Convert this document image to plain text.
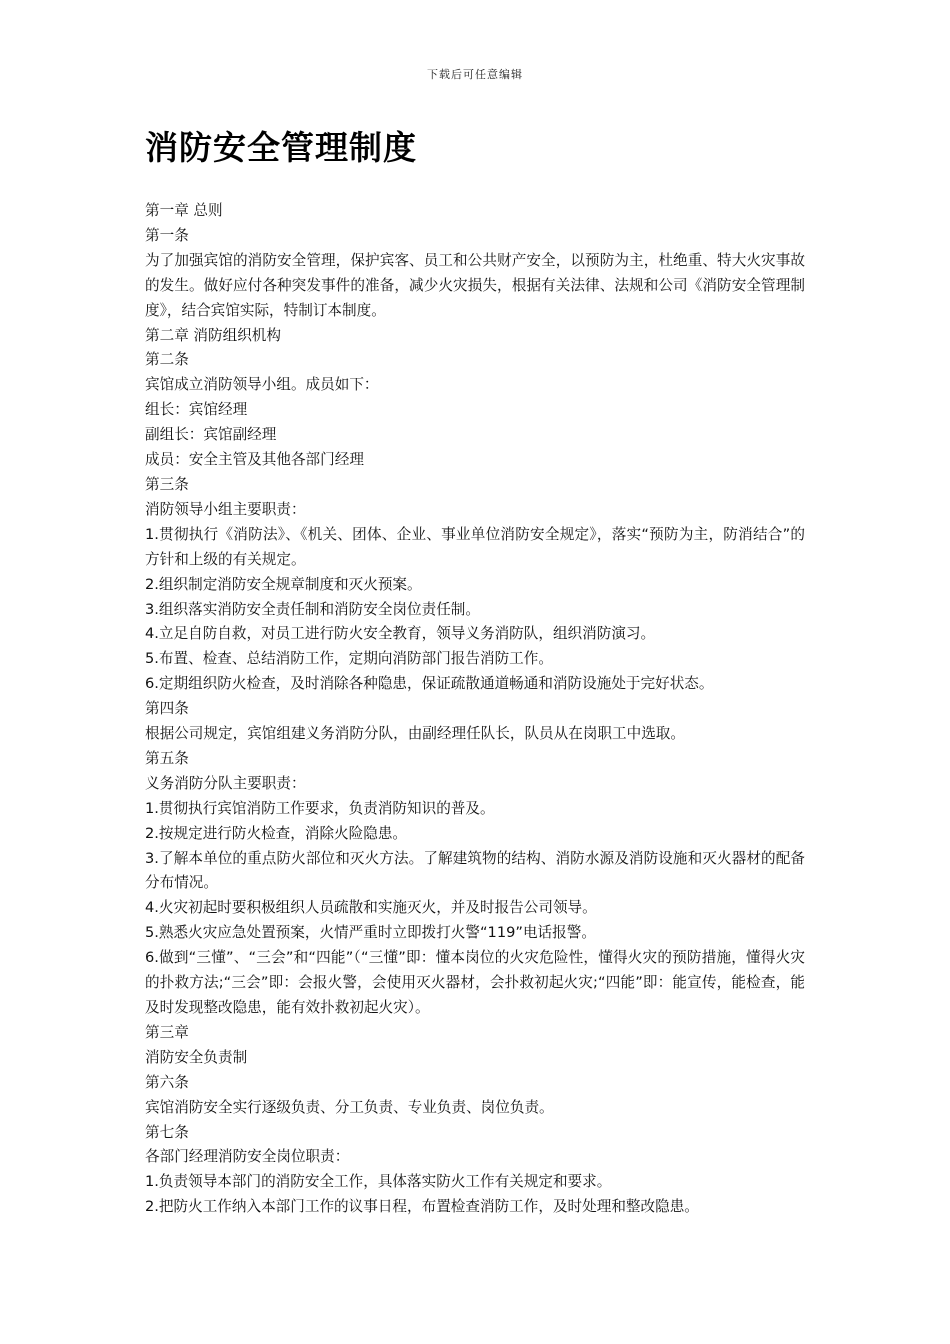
下载后可任意编辑
消防安全管理制度

第一章 总则

第一条

为了加强宾馆的消防安全管理，保护宾客、员工和公共财产安全，以预防为主，杜绝重、特大火灾事故的发生。做好应付各种突发事件的准备，减少火灾损失，根据有关法律、法规和公司《消防安全管理制度》，结合宾馆实际，特制订本制度。

第二章 消防组织机构

第二条

宾馆成立消防领导小组。成员如下：

组长：宾馆经理

副组长：宾馆副经理

成员：安全主管及其他各部门经理

第三条

消防领导小组主要职责：

1.贯彻执行《消防法》、《机关、团体、企业、事业单位消防安全规定》，落实“预防为主，防消结合”的方针和上级的有关规定。

2.组织制定消防安全规章制度和灭火预案。

3.组织落实消防安全责任制和消防安全岗位责任制。

4.立足自防自救，对员工进行防火安全教育，领导义务消防队，组织消防演习。

5.布置、检查、总结消防工作，定期向消防部门报告消防工作。

6.定期组织防火检查，及时消除各种隐患，保证疏散通道畅通和消防设施处于完好状态。

第四条

根据公司规定，宾馆组建义务消防分队，由副经理任队长，队员从在岗职工中选取。

第五条

义务消防分队主要职责：

1.贯彻执行宾馆消防工作要求，负责消防知识的普及。

2.按规定进行防火检查，消除火险隐患。

3.了解本单位的重点防火部位和灭火方法。了解建筑物的结构、消防水源及消防设施和灭火器材的配备分布情况。

4.火灾初起时要积极组织人员疏散和实施灭火，并及时报告公司领导。

5.熟悉火灾应急处置预案，火情严重时立即拨打火警“119”电话报警。

6.做到“三懂”、“三会”和“四能”（“三懂”即：懂本岗位的火灾危险性，懂得火灾的预防措施，懂得火灾的扑救方法;“三会”即：会报火警，会使用灭火器材，会扑救初起火灾;“四能”即：能宣传，能检查，能及时发现整改隐患，能有效扑救初起火灾）。

第三章

消防安全负责制

第六条

宾馆消防安全实行逐级负责、分工负责、专业负责、岗位负责。

第七条

各部门经理消防安全岗位职责：

1.负责领导本部门的消防安全工作，具体落实防火工作有关规定和要求。

2.把防火工作纳入本部门工作的议事日程，布置检查消防工作，及时处理和整改隐患。
